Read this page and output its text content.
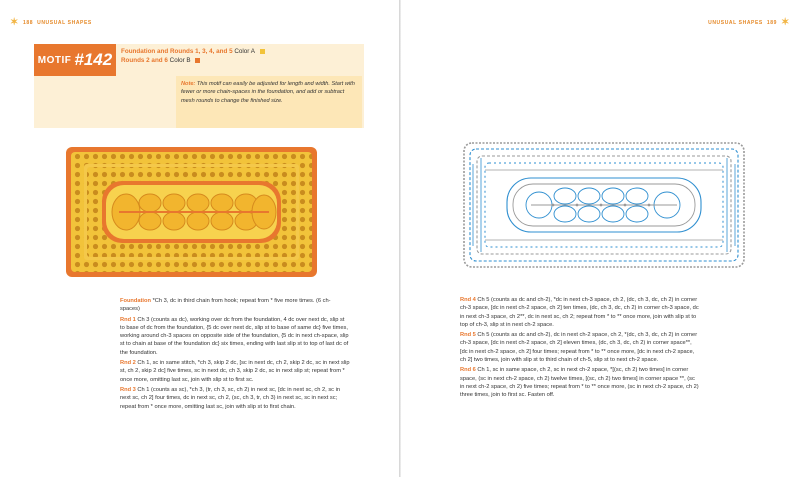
✶ 188 UNUSUAL SHAPES
MOTIF #142 Foundation and Rounds 1, 3, 4, and 5 Color A
Rounds 2 and 6 Color B
Note: This motif can easily be adjusted for length and width. Start with fewer or more chain-spaces in the foundation, and add or subtract mesh rounds to change the finished size.

Foundation *Ch 3, dc in third chain from hook; repeat from * five more times. (6 ch-spaces)

Rnd 1 Ch 3 (counts as dc), working over dc from the foundation, 4 dc over next dc, slip st to base of dc from the foundation, {5 dc over next dc, slip st to base of same dc} five times, working around ch-3 spaces on opposite side of the foundation, {5 dc in next ch-space, slip st to chain at base of the foundation dc} six times, ending with last slip st to top of last dc of the foundation.

Rnd 2 Ch 1, sc in same stitch, *ch 3, skip 2 dc, [sc in next dc, ch 2, skip 2 dc, sc in next slip st, ch 2, skip 2 dc] five times, sc in next dc, ch 3, skip 2 dc, sc in next slip st; repeat from * once more, omitting last sc, join with slip st to first sc.

Rnd 3 Ch 1 (counts as sc), *ch 3, (tr, ch 3, sc, ch 2) in next sc, [dc in next sc, ch 2, sc in next sc, ch 2] four times, dc in next sc, ch 2, (sc, ch 3, tr, ch 3) in next sc, sc in next sc; repeat from * once more, omitting last sc, join with slip st to first chain.

UNUSUAL SHAPES 189 ✶

Rnd 4 Ch 5 (counts as dc and ch-2), *dc in next ch-3 space, ch 2, (dc, ch 3, dc, ch 2) in corner ch-3 space, [dc in next ch-2 space, ch 2] ten times, (dc, ch 3, dc, ch 2) in corner ch-3 space, dc in next ch-3 space, ch 2**, dc in next sc, ch 2; repeat from * to ** once more, join with slip st to top of ch-3, slip st in next ch-2 space.

Rnd 5 Ch 5 (counts as dc and ch-2), dc in next ch-2 space, ch 2, *(dc, ch 3, dc, ch 2) in corner ch-3 space, [dc in next ch-2 space, ch 2] eleven times, (dc, ch 3, dc, ch 2) in corner space**, [dc in next ch-2 space, ch 2] four times; repeat from * to ** once more, [dc in next ch-2 space, ch 2] two times, join with slip st to third chain of ch-5, slip st to next ch-2 space.

Rnd 6 Ch 1, sc in same space, ch 2, sc in next ch-2 space, *[(sc, ch 2) two times] in corner space, (sc in next ch-2 space, ch 2) twelve times, [(sc, ch 2) two times] in corner space **, (sc in next ch-2 space, ch 2) five times; repeat from * to ** once more, (sc in next ch-2 space, ch 2) three times, join to first sc. Fasten off.
